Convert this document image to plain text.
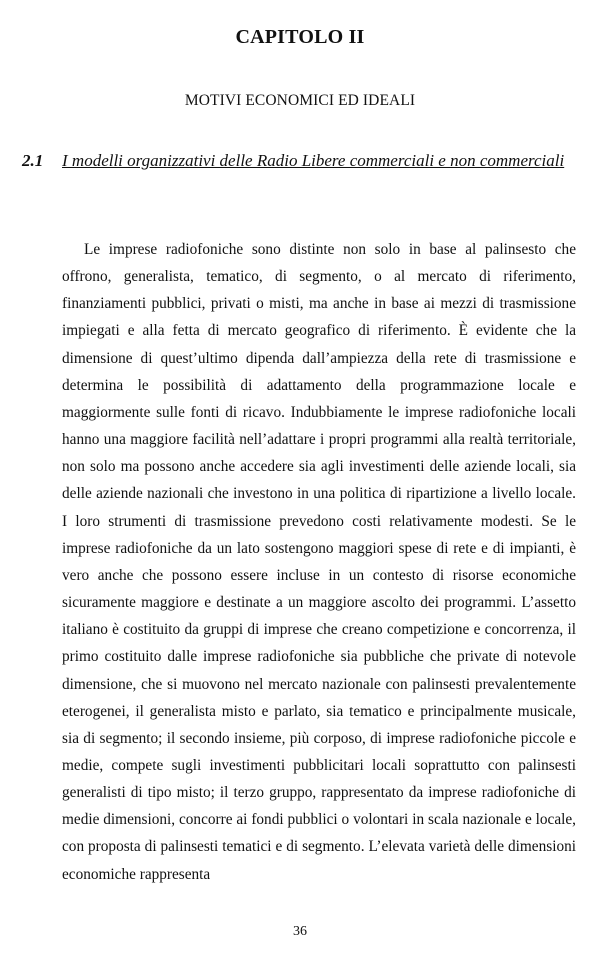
CAPITOLO II
MOTIVI ECONOMICI ED IDEALI
2.1 I modelli organizzativi delle Radio Libere commerciali e non commerciali

Le imprese radiofoniche sono distinte non solo in base al palinsesto che offrono, generalista, tematico, di segmento, o al mercato di riferimento, finanziamenti pubblici, privati o misti, ma anche in base ai mezzi di trasmissione impiegati e alla fetta di mercato geografico di riferimento. È evidente che la dimensione di quest’ultimo dipenda dall’ampiezza della rete di trasmissione e determina le possibilità di adattamento della programmazione locale e maggiormente sulle fonti di ricavo. Indubbiamente le imprese radiofoniche locali hanno una maggiore facilità nell’adattare i propri programmi alla realtà territoriale, non solo ma possono anche accedere sia agli investimenti delle aziende locali, sia delle aziende nazionali che investono in una politica di ripartizione a livello locale. I loro strumenti di trasmissione prevedono costi relativamente modesti. Se le imprese radiofoniche da un lato sostengono maggiori spese di rete e di impianti, è vero anche che possono essere incluse in un contesto di risorse economiche sicuramente maggiore e destinate a un maggiore ascolto dei programmi. L’assetto italiano è costituito da gruppi di imprese che creano competizione e concorrenza, il primo costituito dalle imprese radiofoniche sia pubbliche che private di notevole dimensione, che si muovono nel mercato nazionale con palinsesti prevalentemente eterogenei, il generalista misto e parlato, sia tematico e principalmente musicale, sia di segmento; il secondo insieme, più corposo, di imprese radiofoniche piccole e medie, compete sugli investimenti pubblicitari locali soprattutto con palinsesti generalisti di tipo misto; il terzo gruppo, rappresentato da imprese radiofoniche di medie dimensioni, concorre ai fondi pubblici o volontari in scala nazionale e locale, con proposta di palinsesti tematici e di segmento. L’elevata varietà delle dimensioni economiche rappresenta

36
